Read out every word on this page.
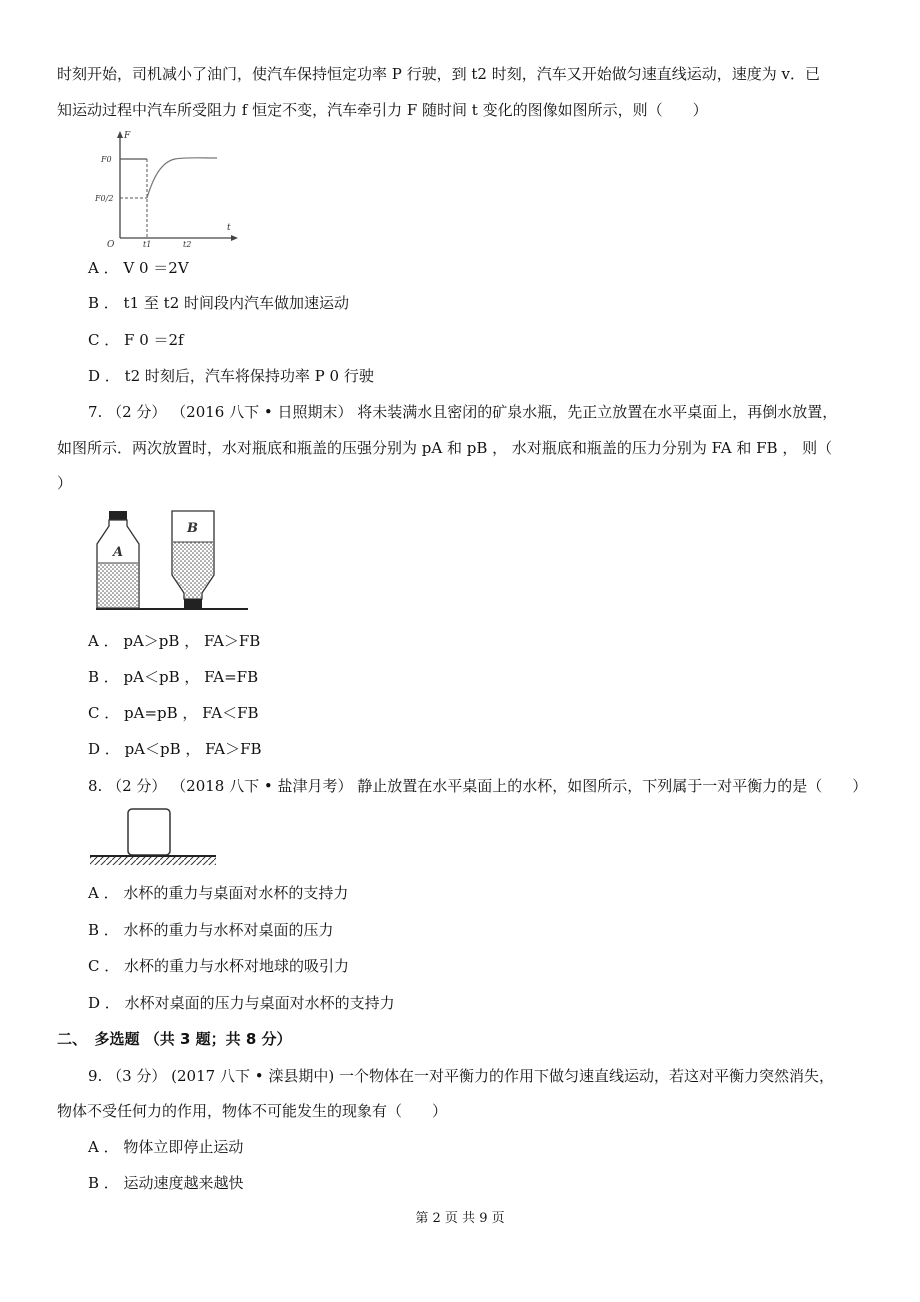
时刻开始，司机减小了油门，使汽车保持恒定功率 P 行驶，到 t2 时刻，汽车又开始做匀速直线运动，速度为 v．已
知运动过程中汽车所受阻力 f 恒定不变，汽车牵引力 F 随时间 t 变化的图像如图所示，则（　　）
F
t
O
F0
F0/2
t1	t2
A ． V 0 ＝2V
B ． t1 至 t2 时间段内汽车做加速运动
C ． F 0 ＝2f
D ． t2 时刻后，汽车将保持功率 P 0 行驶
7. （2 分） （2016 八下 • 日照期末） 将未装满水且密闭的矿泉水瓶，先正立放置在水平桌面上，再倒水放置，
如图所示．两次放置时，水对瓶底和瓶盖的压强分别为 pA 和 pB ， 水对瓶底和瓶盖的压力分别为 FA 和 FB ， 则（
）
A
B
A ． pA＞pB ， FA＞FB
B ． pA＜pB ， FA=FB
C ． pA=pB ， FA＜FB
D ． pA＜pB ， FA＞FB
8. （2 分） （2018 八下 • 盐津月考） 静止放置在水平桌面上的水杯，如图所示，下列属于一对平衡力的是（　　）
A ． 水杯的重力与桌面对水杯的支持力
B ． 水杯的重力与水杯对桌面的压力
C ． 水杯的重力与水杯对地球的吸引力
D ． 水杯对桌面的压力与桌面对水杯的支持力
二、　多选题 （共 3 题；共 8 分）
9. （3 分） (2017 八下 • 滦县期中) 一个物体在一对平衡力的作用下做匀速直线运动，若这对平衡力突然消失，
物体不受任何力的作用，物体不可能发生的现象有（　　）
A ． 物体立即停止运动
B ． 运动速度越来越快
第 2 页 共 9 页
